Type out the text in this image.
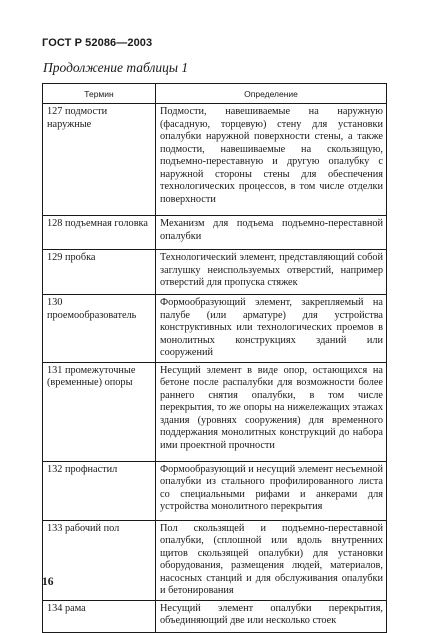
ГОСТ Р 52086—2003
Продолжение таблицы 1
Термин	Определение
127 подмости наружные	Подмости, навешиваемые на наружную (фасадную, торцевую) стену для установки опалубки наружной поверхности стены, а также подмости, навешиваемые на скользящую, подъемно-переставную и другую опалубку с наружной стороны стены для обеспечения технологических процессов, в том числе отделки поверхности
128 подъемная головка	Механизм для подъема подъемно-переставной опалубки
129 пробка	Технологический элемент, представляющий собой заглушку неиспользуемых отверстий, например отверстий для пропуска стяжек
130 проемообразователь	Формообразующий элемент, закрепляемый на палубе (или арматуре) для устройства конструктивных или технологических проемов в монолитных конструкциях зданий или сооружений
131 промежуточные (временные) опоры	Несущий элемент в виде опор, остающихся на бетоне после распалубки для возможности более раннего снятия опалубки, в том числе перекрытия, то же опоры на нижележащих этажах здания (уровнях сооружения) для временного поддержания монолитных конструкций до набора ими проектной прочности
132 профнастил	Формообразующий и несущий элемент несъемной опалубки из стального профилированного листа со специальными рифами и анкерами для устройства монолитного перекрытия
133 рабочий пол	Пол скользящей и подъемно-переставной опалубки, (сплошной или вдоль внутренних щитов скользящей опалубки) для установки оборудования, размещения людей, материалов, насосных станций и для обслуживания опалубки и бетонирования
134 рама	Несущий элемент опалубки перекрытия, объединяющий две или несколько стоек
16
